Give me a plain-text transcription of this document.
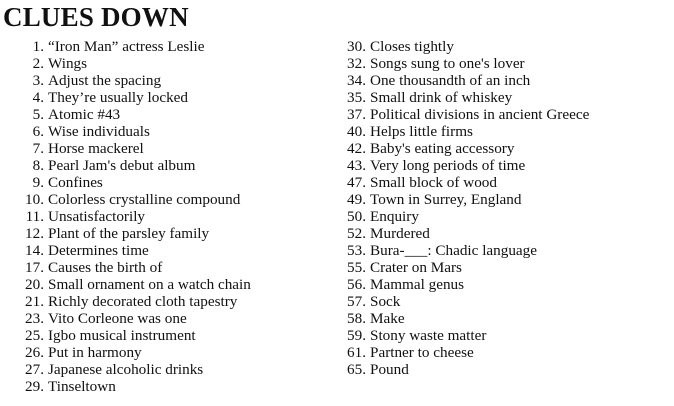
CLUES DOWN
1. “Iron Man” actress Leslie
2. Wings
3. Adjust the spacing
4. They’re usually locked
5. Atomic #43
6. Wise individuals
7. Horse mackerel
8. Pearl Jam's debut album
9. Confines
10. Colorless crystalline compound
11. Unsatisfactorily
12. Plant of the parsley family
14. Determines time
17. Causes the birth of
20. Small ornament on a watch chain
21. Richly decorated cloth tapestry
23. Vito Corleone was one
25. Igbo musical instrument
26. Put in harmony
27. Japanese alcoholic drinks
29. Tinseltown
30. Closes tightly
32. Songs sung to one's lover
34. One thousandth of an inch
35. Small drink of whiskey
37. Political divisions in ancient Greece
40. Helps little firms
42. Baby's eating accessory
43. Very long periods of time
47. Small block of wood
49. Town in Surrey, England
50. Enquiry
52. Murdered
53. Bura-___: Chadic language
55. Crater on Mars
56. Mammal genus
57. Sock
58. Make
59. Stony waste matter
61. Partner to cheese
65. Pound
